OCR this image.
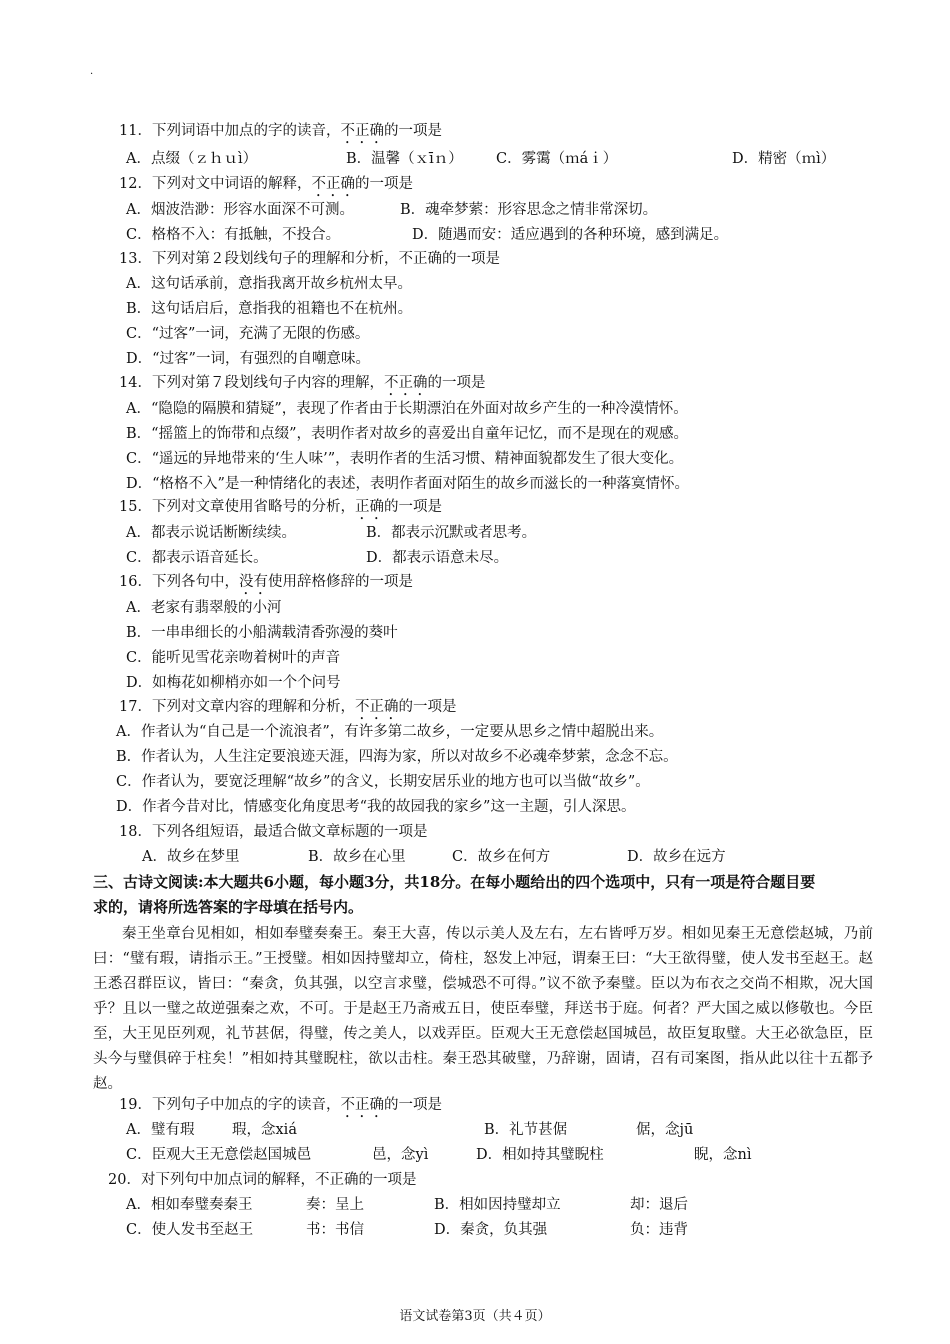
.
11．下列词语中加点的字的读音，不正确的一项是
A．点缀（ｚｈｕì）	B．温馨（ｘīｎ） C．雾霭（ｍáｉ）	D．精密（ｍì）
12．下列对文中词语的解释，不正确的一项是
A．烟波浩渺：形容水面深不可测。	B．魂牵梦萦：形容思念之情非常深切。
C．格格不入：有抵触，不投合。	D．随遇而安：适应遇到的各种环境，感到满足。
13．下列对第２段划线句子的理解和分析，不正确的一项是
A．这句话承前，意指我离开故乡杭州太早。
B．这句话启后，意指我的祖籍也不在杭州。
C．“过客”一词，充满了无限的伤感。
D．“过客”一词，有强烈的自嘲意味。
14．下列对第７段划线句子内容的理解，不正确的一项是
A．“隐隐的隔膜和猜疑”，表现了作者由于长期漂泊在外面对故乡产生的一种冷漠情怀。
B．“摇篮上的饰带和点缀”，表明作者对故乡的喜爱出自童年记忆，而不是现在的观感。
C．“遥远的异地带来的‘生人味’”，表明作者的生活习惯、精神面貌都发生了很大变化。
D．“格格不入”是一种情绪化的表述，表明作者面对陌生的故乡而滋长的一种落寞情怀。
15．下列对文章使用省略号的分析，正确的一项是
A．都表示说话断断续续。	B．都表示沉默或者思考。
C．都表示语音延长。	D．都表示语意未尽。
16．下列各句中，没有使用辞格修辞的一项是
A．老家有翡翠般的小河
B．一串串细长的小船满载清香弥漫的葵叶
C．能听见雪花亲吻着树叶的声音
D．如梅花如柳梢亦如一个个问号
17．下列对文章内容的理解和分析，不正确的一项是
A．作者认为“自己是一个流浪者”，有许多第二故乡，一定要从思乡之情中超脱出来。
B．作者认为，人生注定要浪迹天涯，四海为家，所以对故乡不必魂牵梦萦，念念不忘。
C．作者认为，要宽泛理解“故乡”的含义，长期安居乐业的地方也可以当做“故乡”。
D．作者今昔对比，情感变化角度思考“我的故园我的家乡”这一主题，引人深思。
18．下列各组短语，最适合做文章标题的一项是
A．故乡在梦里	B．故乡在心里	C．故乡在何方	D．故乡在远方
三、古诗文阅读:本大题共6小题，每小题3分，共18分。在每小题给出的四个选项中，只有一项是符合题目要
求的，请将所选答案的字母填在括号内。

秦王坐章台见相如，相如奉璧奏秦王。秦王大喜，传以示美人及左右，左右皆呼万岁。相如见秦王无意偿赵城，乃前曰：“璧有瑕，请指示王。”王授璧。相如因持璧却立，倚柱，怒发上冲冠，谓秦王曰：“大王欲得璧，使人发书至赵王。赵王悉召群臣议，皆曰：“秦贪，负其强，以空言求璧，偿城恐不可得。”议不欲予秦璧。臣以为布衣之交尚不相欺，况大国乎？且以一璧之故逆强秦之欢，不可。于是赵王乃斋戒五日，使臣奉璧，拜送书于庭。何者？严大国之威以修敬也。今臣至，大王见臣列观，礼节甚倨，得璧，传之美人，以戏弄臣。臣观大王无意偿赵国城邑，故臣复取璧。大王必欲急臣，臣头今与璧俱碎于柱矣！”相如持其璧睨柱，欲以击柱。秦王恐其破璧，乃辞谢，固请，召有司案图，指从此以往十五都予赵。

19．下列句子中加点的字的读音，不正确的一项是
A．璧有瑕	瑕，念xiá	B．礼节甚倨	倨，念jū
C．臣观大王无意偿赵国城邑	邑，念yì	D．相如持其璧睨柱	睨，念nì
20．对下列句中加点词的解释，不正确的一项是
A．相如奉璧奏秦王	奏：呈上	B．相如因持璧却立	却：退后
C．使人发书至赵王	书：书信	D．秦贪，负其强	负：违背
语文试卷第3页（共４页）
